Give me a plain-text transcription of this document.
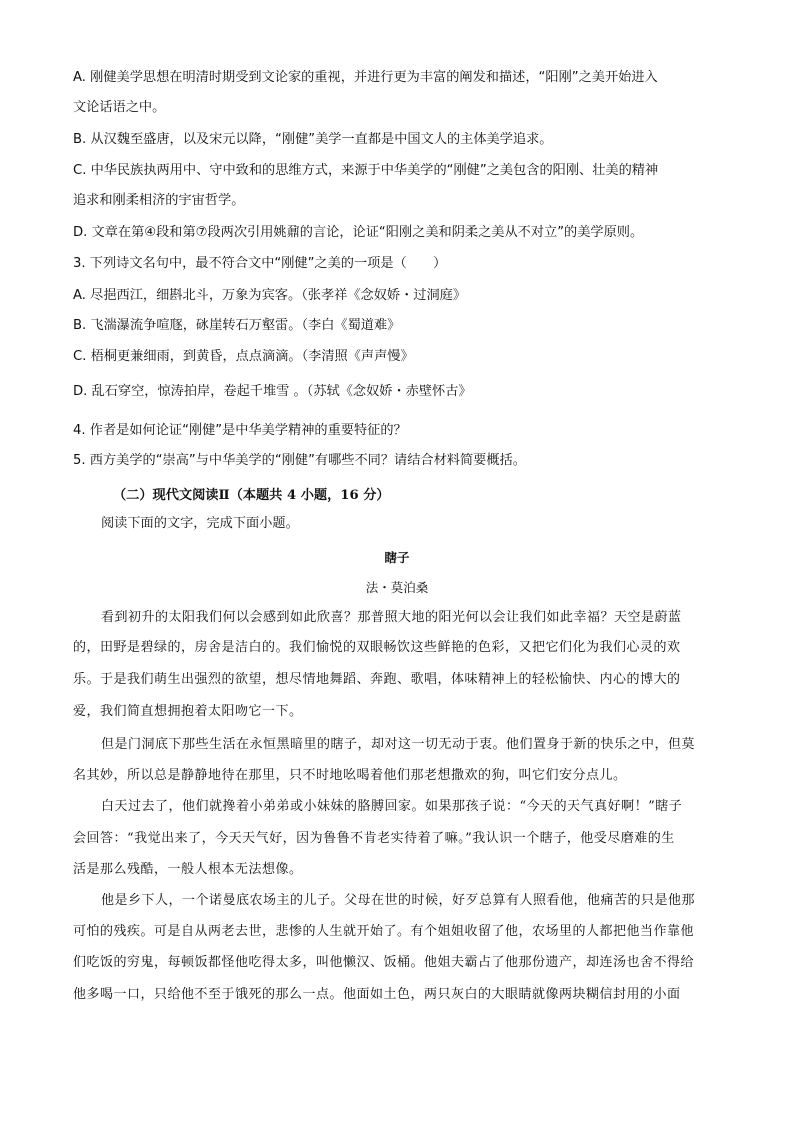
A. 刚健美学思想在明清时期受到文论家的重视，并进行更为丰富的阐发和描述，“阳刚”之美开始进入
文论话语之中。
B. 从汉魏至盛唐，以及宋元以降，“刚健”美学一直都是中国文人的主体美学追求。
C. 中华民族执两用中、守中致和的思维方式，来源于中华美学的“刚健”之美包含的阳刚、壮美的精神
追求和刚柔相济的宇宙哲学。
D. 文章在第④段和第⑦段两次引用姚鼐的言论，论证“阳刚之美和阴柔之美从不对立”的美学原则。
3. 下列诗文名句中，最不符合文中“刚健”之美的一项是（　　）
A. 尽挹西江，细斟北斗，万象为宾客。（张孝祥《念奴娇・过洞庭》
B. 飞湍瀑流争喧豗，砯崖转石万壑雷。（李白《蜀道难》
C. 梧桐更兼细雨，到黄昏，点点滴滴。（李清照《声声慢》
D. 乱石穿空，惊涛拍岸，卷起千堆雪 。（苏轼《念奴娇・赤壁怀古》
4. 作者是如何论证“刚健”是中华美学精神的重要特征的？
5. 西方美学的“崇高”与中华美学的“刚健”有哪些不同？请结合材料简要概括。
（二）现代文阅读Ⅱ（本题共 4 小题，16 分）
阅读下面的文字，完成下面小题。
瞎子
法・莫泊桑
看到初升的太阳我们何以会感到如此欣喜？那普照大地的阳光何以会让我们如此幸福？天空是蔚蓝
的，田野是碧绿的，房舍是洁白的。我们愉悦的双眼畅饮这些鲜艳的色彩，又把它们化为我们心灵的欢
乐。于是我们萌生出强烈的欲望，想尽情地舞蹈、奔跑、歌唱，体味精神上的轻松愉快、内心的博大的
爱，我们简直想拥抱着太阳吻它一下。
但是门洞底下那些生活在永恒黑暗里的瞎子，却对这一切无动于衷。他们置身于新的快乐之中，但莫
名其妙，所以总是静静地待在那里，只不时地吆喝着他们那老想撒欢的狗，叫它们安分点儿。
白天过去了，他们就搀着小弟弟或小妹妹的胳膊回家。如果那孩子说：“今天的天气真好啊！”瞎子
会回答：“我觉出来了，今天天气好，因为鲁鲁不肯老实待着了嘛。”我认识一个瞎子，他受尽磨难的生
活是那么残酷，一般人根本无法想像。
他是乡下人，一个诺曼底农场主的儿子。父母在世的时候，好歹总算有人照看他，他痛苦的只是他那
可怕的残疾。可是自从两老去世，悲惨的人生就开始了。有个姐姐收留了他，农场里的人都把他当作靠他
们吃饭的穷鬼，每顿饭都怪他吃得太多，叫他懒汉、饭桶。他姐夫霸占了他那份遗产，却连汤也舍不得给
他多喝一口，只给他不至于饿死的那么一点。他面如土色，两只灰白的大眼睛就像两块糊信封用的小面
